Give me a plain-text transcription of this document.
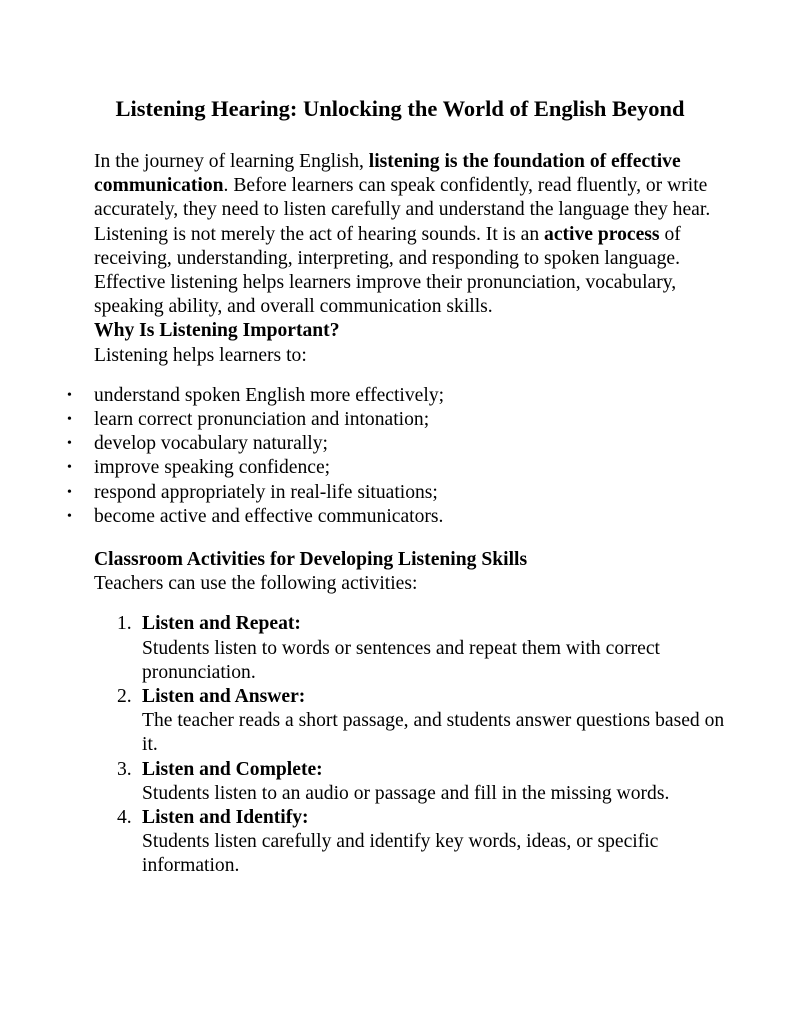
Listening Hearing: Unlocking the World of English Beyond

In the journey of learning English, listening is the foundation of effective communication. Before learners can speak confidently, read fluently, or write accurately, they need to listen carefully and understand the language they hear.

Listening is not merely the act of hearing sounds. It is an active process of receiving, understanding, interpreting, and responding to spoken language. Effective listening helps learners improve their pronunciation, vocabulary, speaking ability, and overall communication skills.

Why Is Listening Important?

Listening helps learners to:

• understand spoken English more effectively;
• learn correct pronunciation and intonation;
• develop vocabulary naturally;
• improve speaking confidence;
• respond appropriately in real-life situations;
• become active and effective communicators.

Classroom Activities for Developing Listening Skills

Teachers can use the following activities:

1. Listen and Repeat:
Students listen to words or sentences and repeat them with correct pronunciation.
2. Listen and Answer:
The teacher reads a short passage, and students answer questions based on it.
3. Listen and Complete:
Students listen to an audio or passage and fill in the missing words.
4. Listen and Identify:
Students listen carefully and identify key words, ideas, or specific information.
